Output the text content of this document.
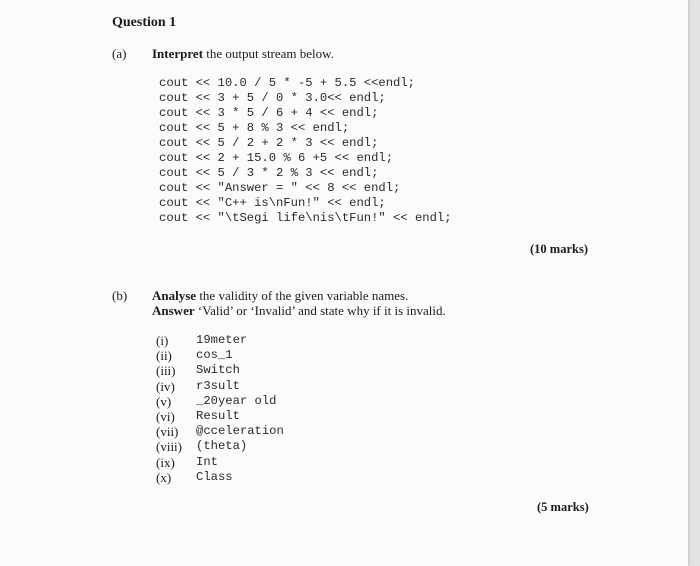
Question 1
(a) Interpret the output stream below.
cout << 10.0 / 5 * -5 + 5.5 <<endl;
cout << 3 + 5 / 0 * 3.0<< endl;
cout << 3 * 5 / 6 + 4 << endl;
cout << 5 + 8 % 3 << endl;
cout << 5 / 2 + 2 * 3 << endl;
cout << 2 + 15.0 % 6 +5 << endl;
cout << 5 / 3 * 2 % 3 << endl;
cout << "Answer = " << 8 << endl;
cout << "C++ is\nFun!" << endl;
cout << "\tSegi life\nis\tFun!" << endl;
(10 marks)
(b) Analyse the validity of the given variable names.
Answer ‘Valid’ or ‘Invalid’ and state why if it is invalid.
(i) 19meter
(ii) cos_1
(iii) Switch
(iv) r3sult
(v) _20year old
(vi) Result
(vii) @cceleration
(viii) (theta)
(ix) Int
(x) Class
(5 marks)
